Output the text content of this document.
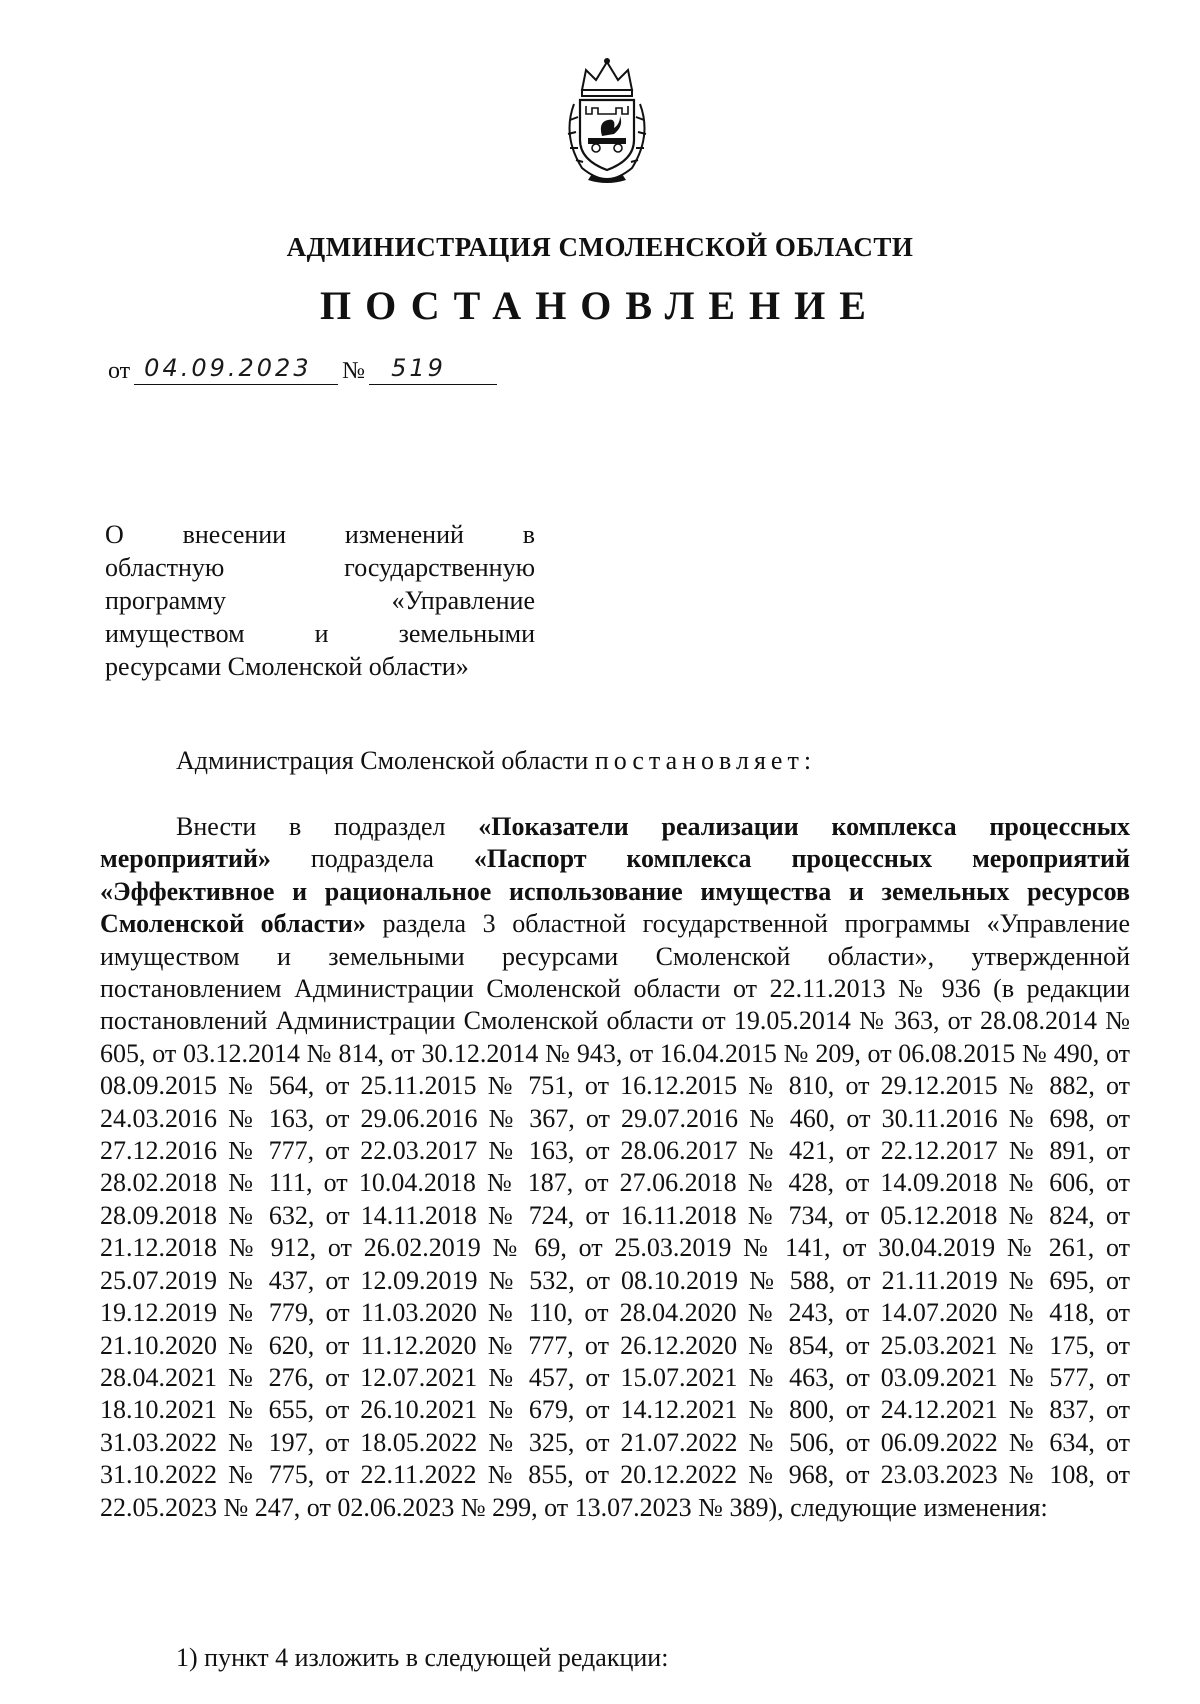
АДМИНИСТРАЦИЯ СМОЛЕНСКОЙ ОБЛАСТИ
ПОСТАНОВЛЕНИЕ
от 04.09.2023 № 519
О внесении изменений в
областную государственную
программу «Управление
имуществом и земельными
ресурсами Смоленской области»
Администрация Смоленской области постановляет:

Внести в подраздел «Показатели реализации комплекса процессных мероприятий» подраздела «Паспорт комплекса процессных мероприятий «Эффективное и рациональное использование имущества и земельных ресурсов Смоленской области» раздела 3 областной государственной программы «Управление имуществом и земельными ресурсами Смоленской области», утвержденной постановлением Администрации Смоленской области от 22.11.2013 № 936 (в редакции постановлений Администрации Смоленской области от 19.05.2014 № 363, от 28.08.2014 № 605, от 03.12.2014 № 814, от 30.12.2014 № 943, от 16.04.2015 № 209, от 06.08.2015 № 490, от 08.09.2015 № 564, от 25.11.2015 № 751, от 16.12.2015 № 810, от 29.12.2015 № 882, от 24.03.2016 № 163, от 29.06.2016 № 367, от 29.07.2016 № 460, от 30.11.2016 № 698, от 27.12.2016 № 777, от 22.03.2017 № 163, от 28.06.2017 № 421, от 22.12.2017 № 891, от 28.02.2018 № 111, от 10.04.2018 № 187, от 27.06.2018 № 428, от 14.09.2018 № 606, от 28.09.2018 № 632, от 14.11.2018 № 724, от 16.11.2018 № 734, от 05.12.2018 № 824, от 21.12.2018 № 912, от 26.02.2019 № 69, от 25.03.2019 № 141, от 30.04.2019 № 261, от 25.07.2019 № 437, от 12.09.2019 № 532, от 08.10.2019 № 588, от 21.11.2019 № 695, от 19.12.2019 № 779, от 11.03.2020 № 110, от 28.04.2020 № 243, от 14.07.2020 № 418, от 21.10.2020 № 620, от 11.12.2020 № 777, от 26.12.2020 № 854, от 25.03.2021 № 175, от 28.04.2021 № 276, от 12.07.2021 № 457, от 15.07.2021 № 463, от 03.09.2021 № 577, от 18.10.2021 № 655, от 26.10.2021 № 679, от 14.12.2021 № 800, от 24.12.2021 № 837, от 31.03.2022 № 197, от 18.05.2022 № 325, от 21.07.2022 № 506, от 06.09.2022 № 634, от 31.10.2022 № 775, от 22.11.2022 № 855, от 20.12.2022 № 968, от 23.03.2023 № 108, от 22.05.2023 № 247, от 02.06.2023 № 299, от 13.07.2023 № 389), следующие изменения:

1) пункт 4 изложить в следующей редакции:
